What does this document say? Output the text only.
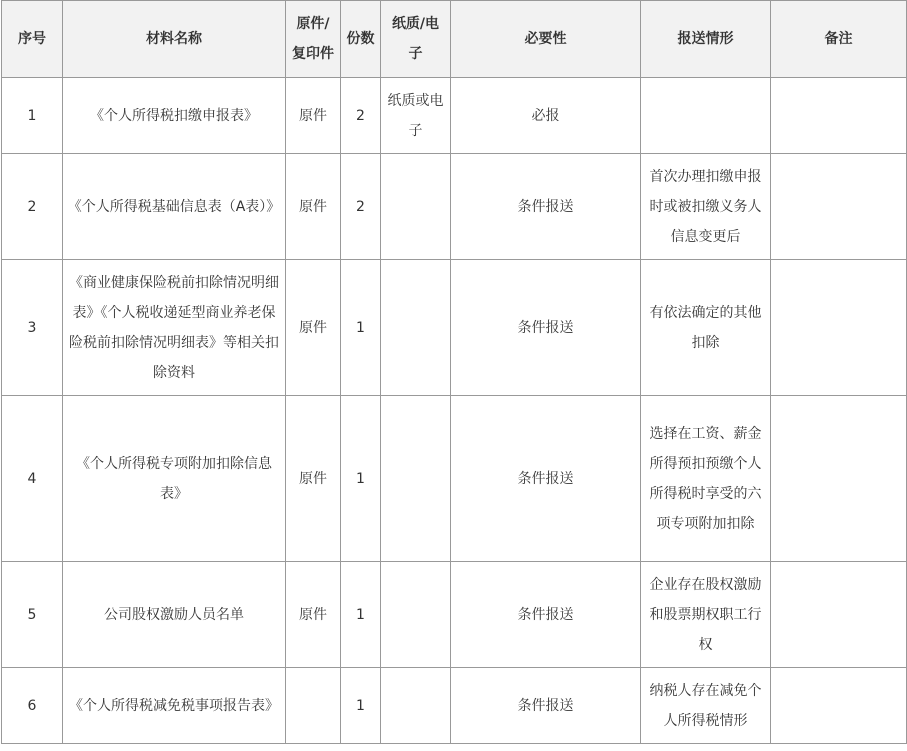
序号	材料名称	原件/复印件	份数	纸质/电子	必要性	报送情形	备注
1	《个人所得税扣缴申报表》	原件	2	纸质或电子	必报		
2	《个人所得税基础信息表（A表）》	原件	2		条件报送	首次办理扣缴申报时或被扣缴义务人信息变更后	
3	《商业健康保险税前扣除情况明细表》《个人税收递延型商业养老保险税前扣除情况明细表》等相关扣除资料	原件	1		条件报送	有依法确定的其他扣除	
4	《个人所得税专项附加扣除信息表》	原件	1		条件报送	选择在工资、薪金所得预扣预缴个人所得税时享受的六项专项附加扣除	
5	公司股权激励人员名单	原件	1		条件报送	企业存在股权激励和股票期权职工行权	
6	《个人所得税减免税事项报告表》		1		条件报送	纳税人存在减免个人所得税情形	
